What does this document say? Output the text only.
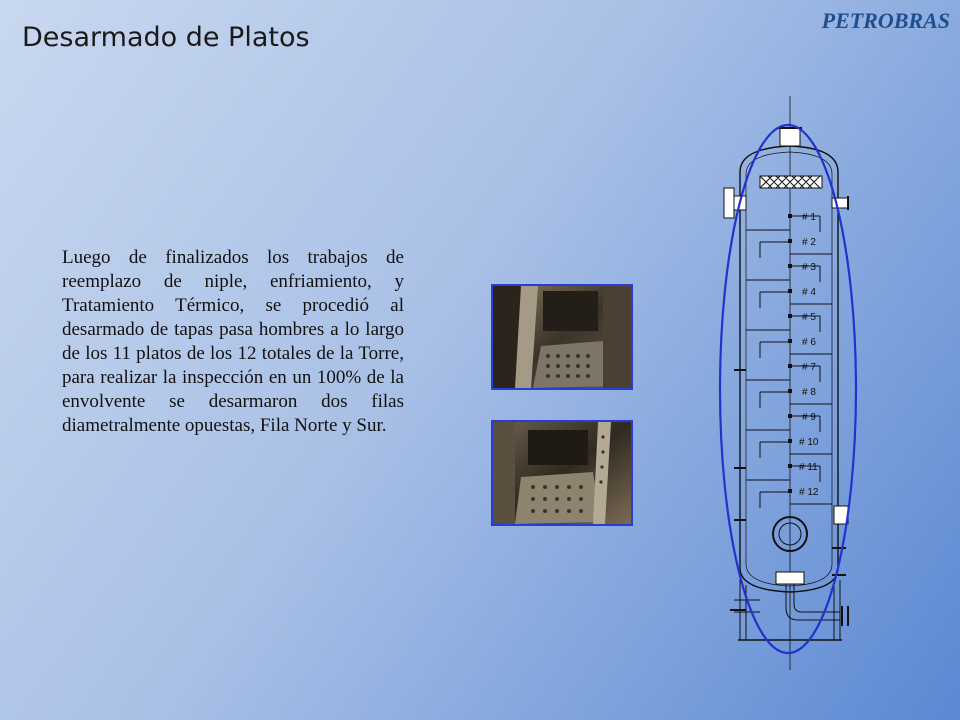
Desarmado de Platos
PETROBRAS

Luego de finalizados los trabajos de reemplazo de niple, enfriamiento, y Tratamiento Térmico, se procedió al desarmado de tapas pasa hombres a lo largo de los 11 platos de los 12 totales de la Torre, para realizar la inspección en un 100% de la envolvente se desarmaron dos filas diametralmente opuestas, Fila Norte y Sur.

# 1
# 2
# 3
# 4
# 5
# 6
# 7
# 8
# 9
# 10
# 11
# 12
